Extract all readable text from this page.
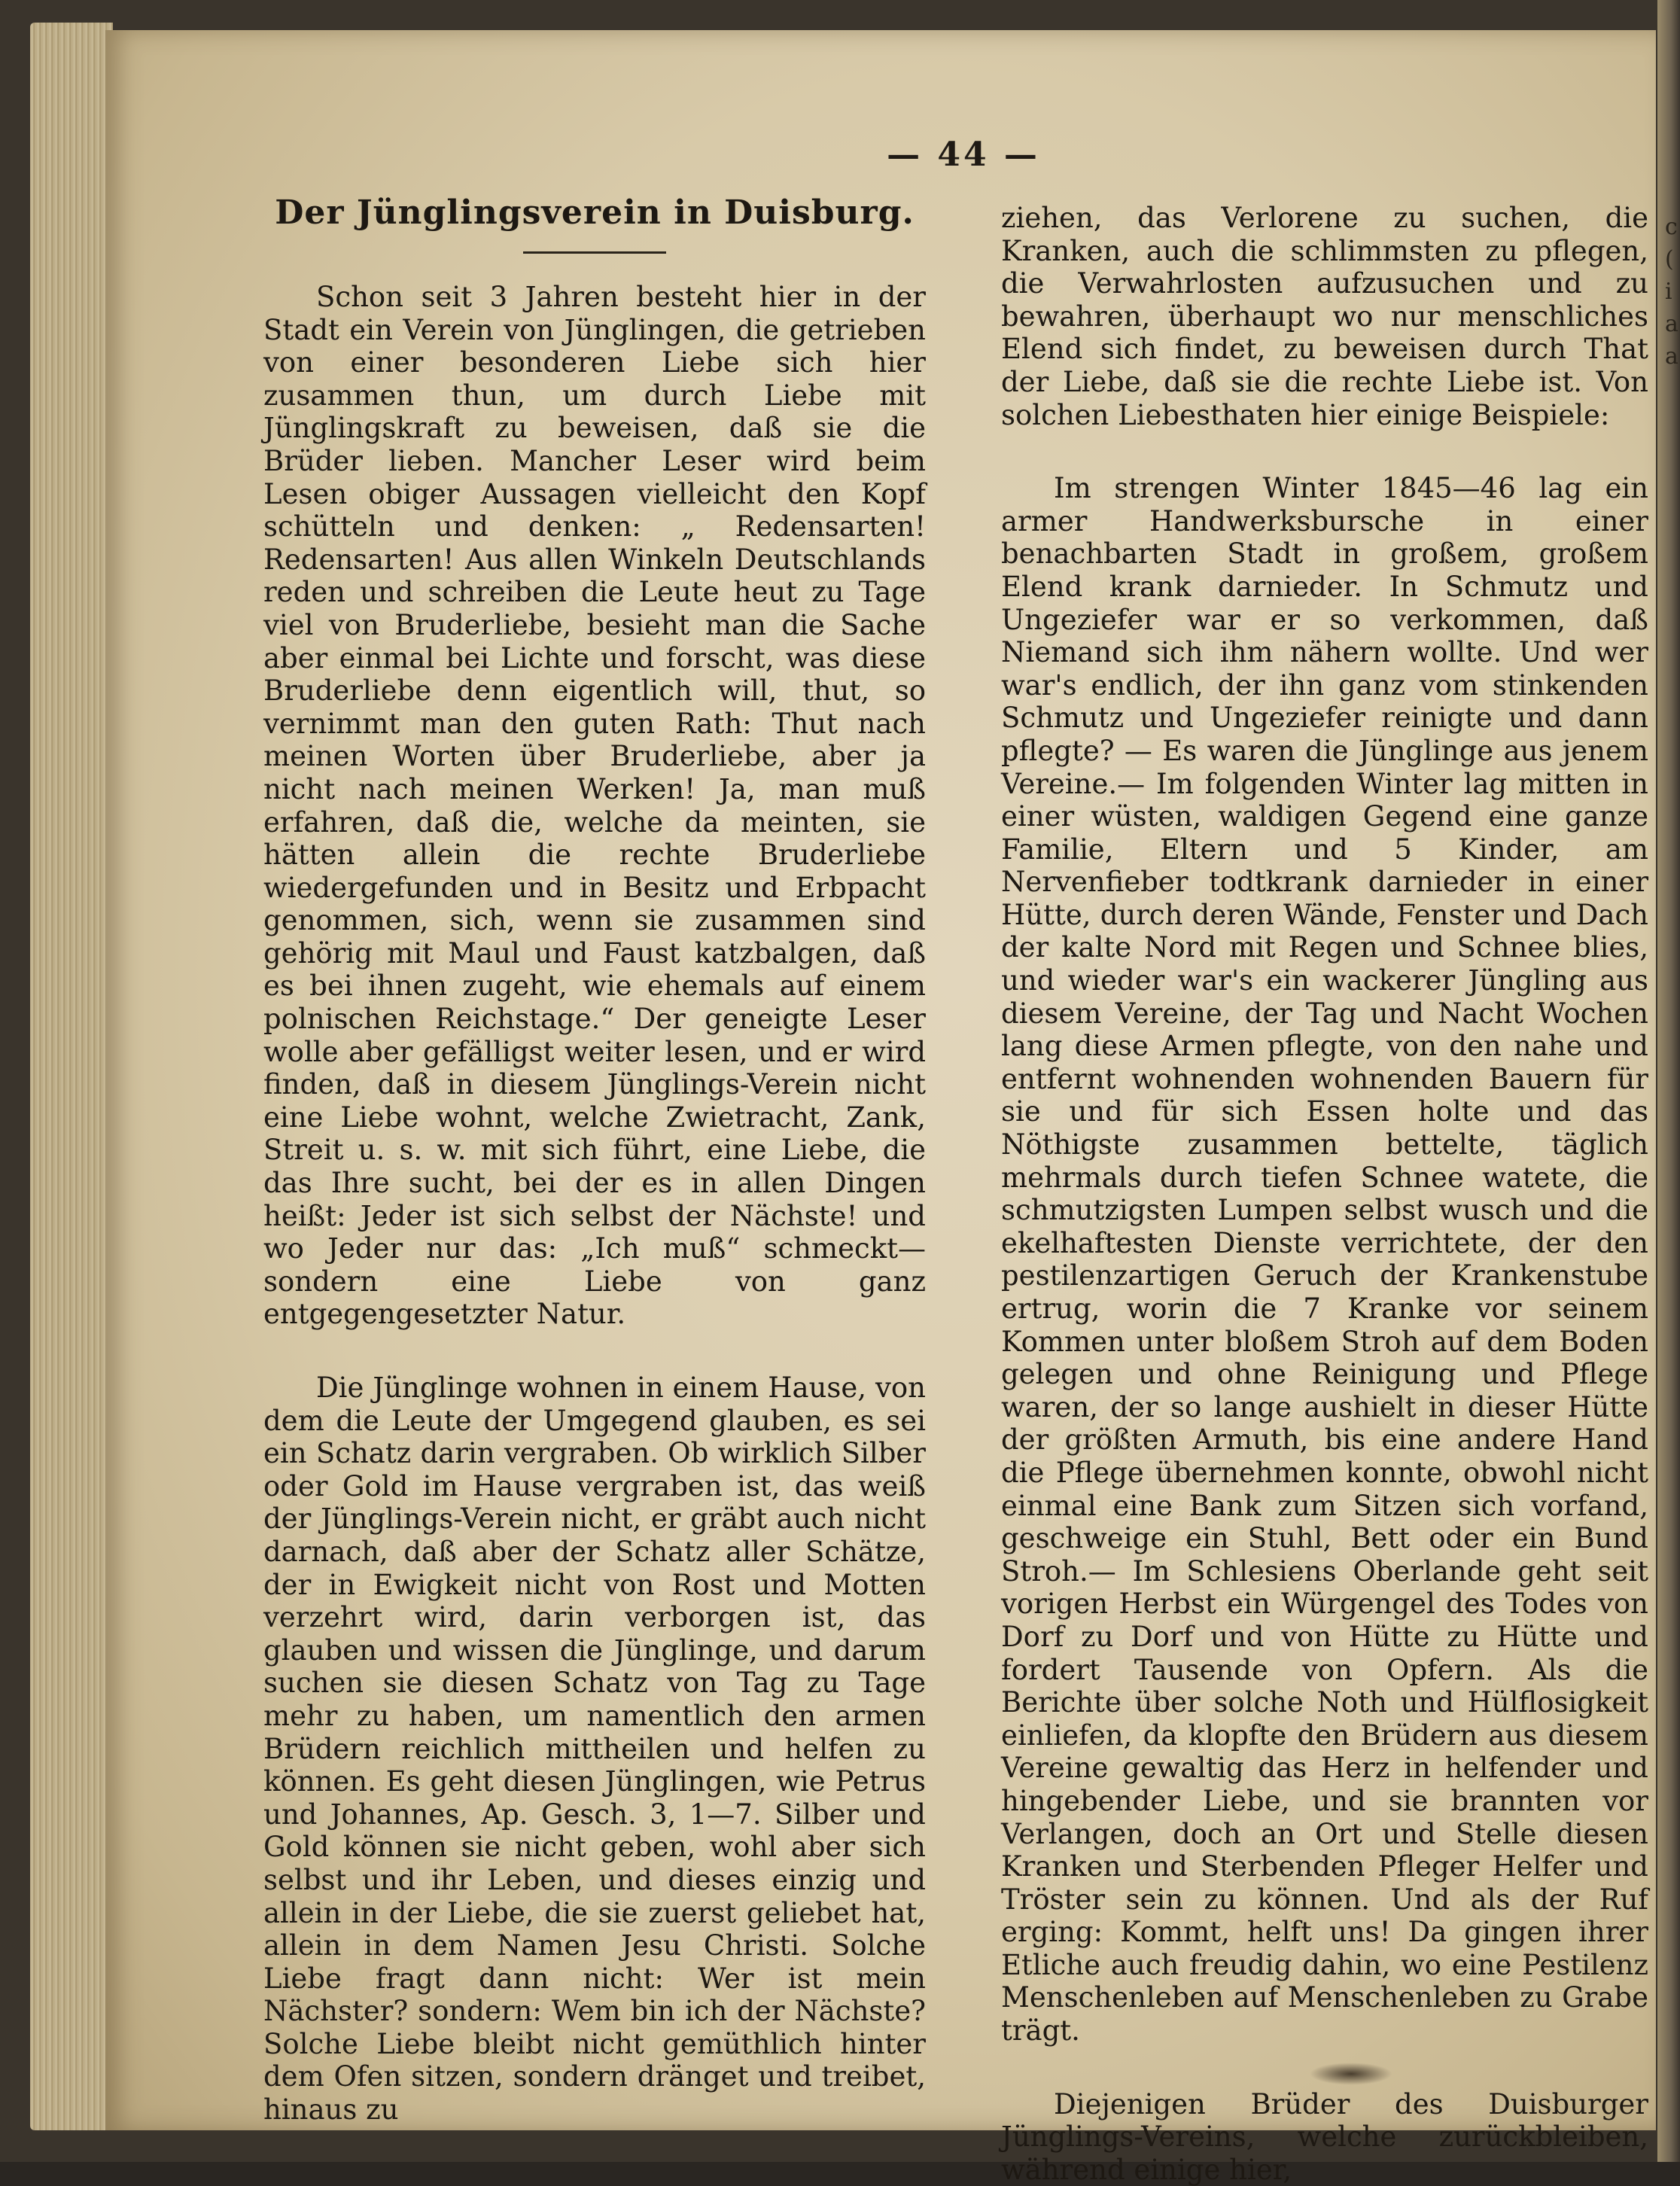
— 44 —
Der Jünglingsverein in Duisburg.

Schon seit 3 Jahren besteht hier in der Stadt ein Verein von Jünglingen, die getrieben von einer besonderen Liebe sich hier zusammen thun, um durch Liebe mit Jünglingskraft zu beweisen, daß sie die Brüder lieben. Mancher Leser wird beim Lesen obiger Aussagen vielleicht den Kopf schütteln und denken: „ Redensarten! Redensarten! Aus allen Winkeln Deutschlands reden und schreiben die Leute heut zu Tage viel von Bruderliebe, besieht man die Sache aber einmal bei Lichte und forscht, was diese Bruderliebe denn eigentlich will, thut, so vernimmt man den guten Rath: Thut nach meinen Worten über Bruderliebe, aber ja nicht nach meinen Werken! Ja, man muß erfahren, daß die, welche da meinten, sie hätten allein die rechte Bruderliebe wiedergefunden und in Besitz und Erbpacht genommen, sich, wenn sie zusammen sind gehörig mit Maul und Faust katzbalgen, daß es bei ihnen zugeht, wie ehemals auf einem polnischen Reichstage.“ Der geneigte Leser wolle aber gefälligst weiter lesen, und er wird finden, daß in diesem Jünglings-Verein nicht eine Liebe wohnt, welche Zwietracht, Zank, Streit u. s. w. mit sich führt, eine Liebe, die das Ihre sucht, bei der es in allen Dingen heißt: Jeder ist sich selbst der Nächste! und wo Jeder nur das: „Ich muß“ schmeckt— sondern eine Liebe von ganz entgegengesetzter Natur.

Die Jünglinge wohnen in einem Hause, von dem die Leute der Umgegend glauben, es sei ein Schatz darin vergraben. Ob wirklich Silber oder Gold im Hause vergraben ist, das weiß der Jünglings-Verein nicht, er gräbt auch nicht darnach, daß aber der Schatz aller Schätze, der in Ewigkeit nicht von Rost und Motten verzehrt wird, darin verborgen ist, das glauben und wissen die Jünglinge, und darum suchen sie diesen Schatz von Tag zu Tage mehr zu haben, um namentlich den armen Brüdern reichlich mittheilen und helfen zu können. Es geht diesen Jünglingen, wie Petrus und Johannes, Ap. Gesch. 3, 1—7. Silber und Gold können sie nicht geben, wohl aber sich selbst und ihr Leben, und dieses einzig und allein in der Liebe, die sie zuerst geliebet hat, allein in dem Namen Jesu Christi. Solche Liebe fragt dann nicht: Wer ist mein Nächster? sondern: Wem bin ich der Nächste? Solche Liebe bleibt nicht gemüthlich hinter dem Ofen sitzen, sondern dränget und treibet, hinaus zu

ziehen, das Verlorene zu suchen, die Kranken, auch die schlimmsten zu pflegen, die Verwahrlosten aufzusuchen und zu bewahren, überhaupt wo nur menschliches Elend sich findet, zu beweisen durch That der Liebe, daß sie die rechte Liebe ist. Von solchen Liebesthaten hier einige Beispiele:

Im strengen Winter 1845—46 lag ein armer Handwerksbursche in einer benachbarten Stadt in großem, großem Elend krank darnieder. In Schmutz und Ungeziefer war er so verkommen, daß Niemand sich ihm nähern wollte. Und wer war's endlich, der ihn ganz vom stinkenden Schmutz und Ungeziefer reinigte und dann pflegte? — Es waren die Jünglinge aus jenem Vereine.— Im folgenden Winter lag mitten in einer wüsten, waldigen Gegend eine ganze Familie, Eltern und 5 Kinder, am Nervenfieber todtkrank darnieder in einer Hütte, durch deren Wände, Fenster und Dach der kalte Nord mit Regen und Schnee blies, und wieder war's ein wackerer Jüngling aus diesem Vereine, der Tag und Nacht Wochen lang diese Armen pflegte, von den nahe und entfernt wohnenden wohnenden Bauern für sie und für sich Essen holte und das Nöthigste zusammen bettelte, täglich mehrmals durch tiefen Schnee watete, die schmutzigsten Lumpen selbst wusch und die ekelhaftesten Dienste verrichtete, der den pestilenzartigen Geruch der Krankenstube ertrug, worin die 7 Kranke vor seinem Kommen unter bloßem Stroh auf dem Boden gelegen und ohne Reinigung und Pflege waren, der so lange aushielt in dieser Hütte der größten Armuth, bis eine andere Hand die Pflege übernehmen konnte, obwohl nicht einmal eine Bank zum Sitzen sich vorfand, geschweige ein Stuhl, Bett oder ein Bund Stroh.— Im Schlesiens Oberlande geht seit vorigen Herbst ein Würgengel des Todes von Dorf zu Dorf und von Hütte zu Hütte und fordert Tausende von Opfern. Als die Berichte über solche Noth und Hülflosigkeit einliefen, da klopfte den Brüdern aus diesem Vereine gewaltig das Herz in helfender und hingebender Liebe, und sie brannten vor Verlangen, doch an Ort und Stelle diesen Kranken und Sterbenden Pfleger Helfer und Tröster sein zu können. Und als der Ruf erging: Kommt, helft uns! Da gingen ihrer Etliche auch freudig dahin, wo eine Pestilenz Menschenleben auf Menschenleben zu Grabe trägt.

Diejenigen Brüder des Duisburger Jünglings-Vereins, welche zurückbleiben, während einige hier,

c ( i a a
